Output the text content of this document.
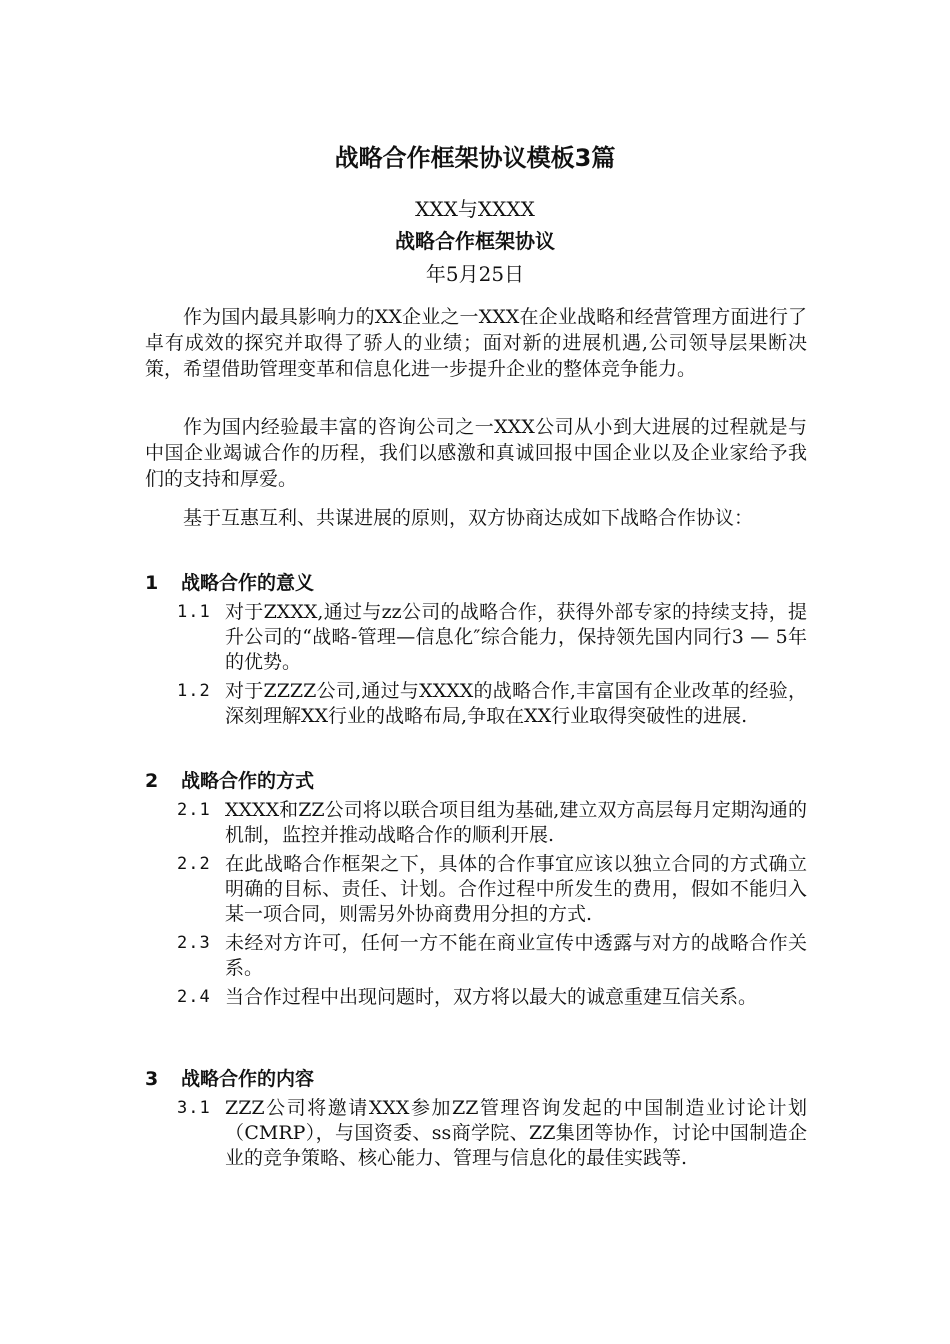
战略合作框架协议模板3篇

XXX与XXXX

战略合作框架协议

年5月25日

作为国内最具影响力的XX企业之一XXX在企业战略和经营管理方面进行了卓有成效的探究并取得了骄人的业绩；面对新的进展机遇,公司领导层果断决策，希望借助管理变革和信息化进一步提升企业的整体竞争能力。

作为国内经验最丰富的咨询公司之一XXX公司从小到大进展的过程就是与中国企业竭诚合作的历程，我们以感激和真诚回报中国企业以及企业家给予我们的支持和厚爱。

基于互惠互利、共谋进展的原则，双方协商达成如下战略合作协议：

1	战略合作的意义
1.1 对于ZXXX,通过与zz公司的战略合作，获得外部专家的持续支持，提升公司的“战略-管理—信息化″综合能力，保持领先国内同行3 — 5年的优势。
1.2 对于ZZZZ公司,通过与XXXX的战略合作,丰富国有企业改革的经验，深刻理解XX行业的战略布局,争取在XX行业取得突破性的进展.
2	战略合作的方式
2.1 XXXX和ZZ公司将以联合项目组为基础,建立双方高层每月定期沟通的机制，监控并推动战略合作的顺利开展.
2.2 在此战略合作框架之下，具体的合作事宜应该以独立合同的方式确立明确的目标、责任、计划。合作过程中所发生的费用，假如不能归入某一项合同，则需另外协商费用分担的方式.
2.3 未经对方许可，任何一方不能在商业宣传中透露与对方的战略合作关系。
2.4 当合作过程中出现问题时，双方将以最大的诚意重建互信关系。
3	战略合作的内容
3.1 ZZZ公司将邀请XXX参加ZZ管理咨询发起的中国制造业讨论计划（CMRP），与国资委、ss商学院、ZZ集团等协作，讨论中国制造企业的竞争策略、核心能力、管理与信息化的最佳实践等.
